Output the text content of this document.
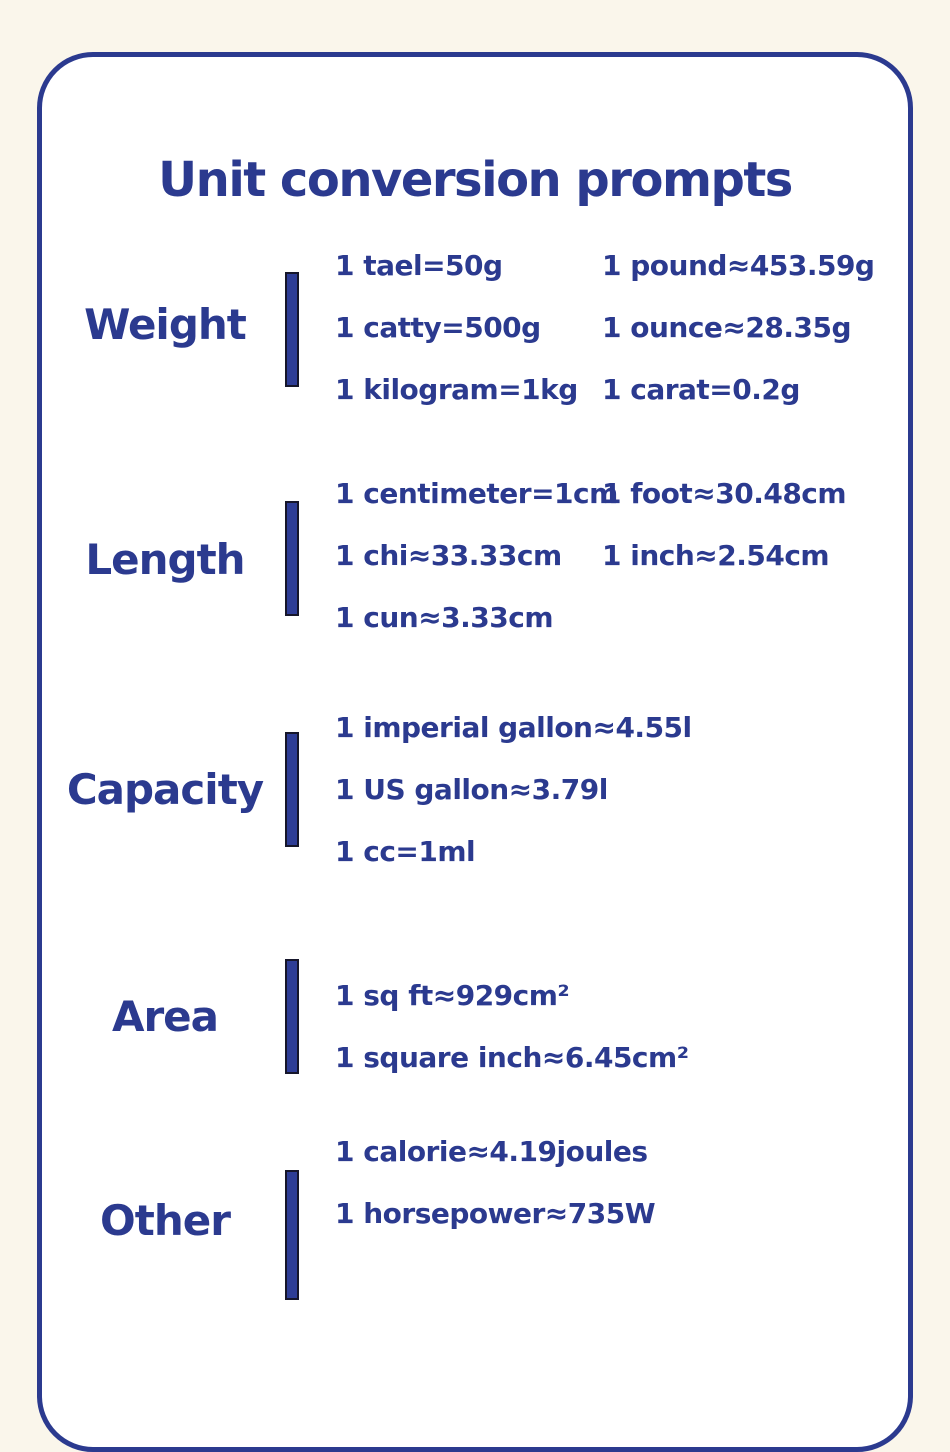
Unit conversion prompts
Weight
1 tael=50g	1 pound≈453.59g
1 catty=500g 1 ounce≈28.35g
1 kilogram=1kg 1 carat=0.2g
Length
1 centimeter=1cm
1 foot≈30.48cm
1 chi≈33.33cm 1 inch≈2.54cm
1 cun≈3.33cm
Capacity
1 imperial gallon≈4.55l
1 US gallon≈3.79l
1 cc=1ml
Area	1 sq ft≈929cm²
1 square inch≈6.45cm²
Other
1 calorie≈4.19joules
1 horsepower≈735W
